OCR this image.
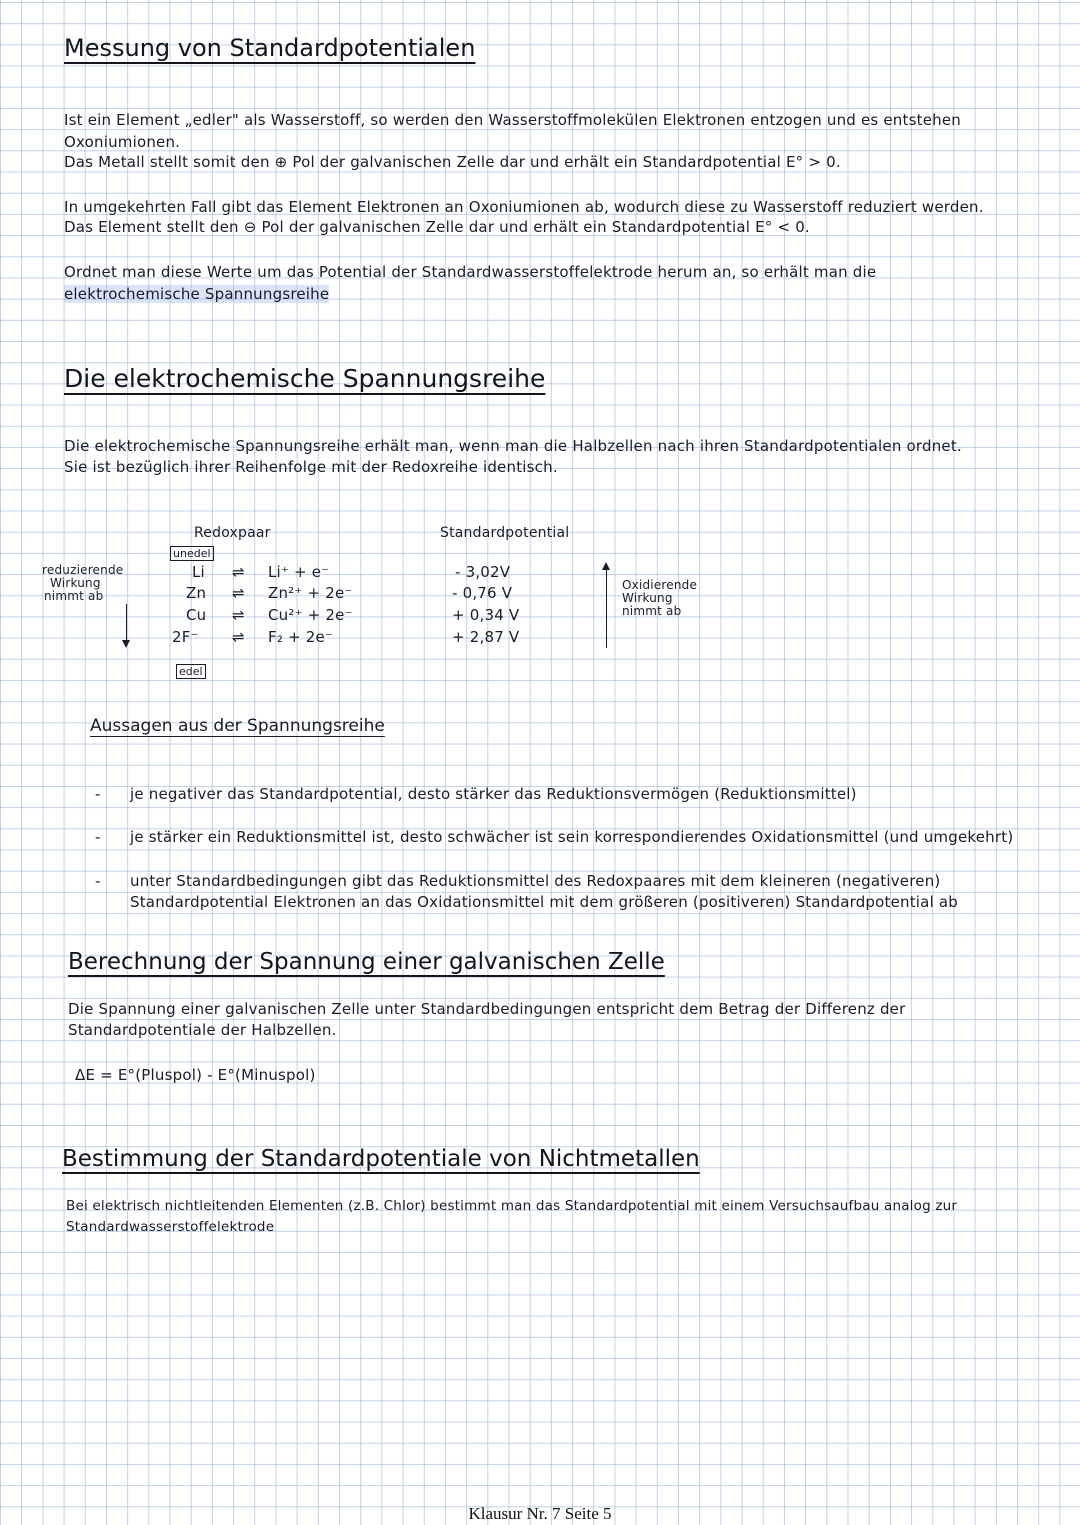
Messung von Standardpotentialen
Ist ein Element „edler" als Wasserstoff, so werden den Wasserstoffmolekülen Elektronen entzogen und es entstehen
Oxoniumionen.
Das Metall stellt somit den ⊕ Pol der galvanischen Zelle dar und erhält ein Standardpotential E° > 0.
In umgekehrten Fall gibt das Element Elektronen an Oxoniumionen ab, wodurch diese zu Wasserstoff reduziert werden.
Das Element stellt den ⊖ Pol der galvanischen Zelle dar und erhält ein Standardpotential E° < 0.
Ordnet man diese Werte um das Potential der Standardwasserstoffelektrode herum an, so erhält man die
elektrochemische Spannungsreihe
Die elektrochemische Spannungsreihe
Die elektrochemische Spannungsreihe erhält man, wenn man die Halbzellen nach ihren Standardpotentialen ordnet.
Sie ist bezüglich ihrer Reihenfolge mit der Redoxreihe identisch.
Redoxpaar	Standardpotential
unedel
edel
reduzierende
Wirkung
nimmt ab
Li ⇌ Li⁺ + e⁻	- 3,02V
Zn ⇌ Zn²⁺ + 2e⁻	- 0,76 V
Cu ⇌ Cu²⁺ + 2e⁻	+ 0,34 V
2F⁻ ⇌ F₂ + 2e⁻	+ 2,87 V
Oxidierende
Wirkung
nimmt ab
Aussagen aus der Spannungsreihe
- je negativer das Standardpotential, desto stärker das Reduktionsvermögen (Reduktionsmittel)
- je stärker ein Reduktionsmittel ist, desto schwächer ist sein korrespondierendes Oxidationsmittel (und umgekehrt)
- unter Standardbedingungen gibt das Reduktionsmittel des Redoxpaares mit dem kleineren (negativeren)
Standardpotential Elektronen an das Oxidationsmittel mit dem größeren (positiveren) Standardpotential ab
Berechnung der Spannung einer galvanischen Zelle
Die Spannung einer galvanischen Zelle unter Standardbedingungen entspricht dem Betrag der Differenz der
Standardpotentiale der Halbzellen.
ΔE = E°(Pluspol) - E°(Minuspol)
Bestimmung der Standardpotentiale von Nichtmetallen
Bei elektrisch nichtleitenden Elementen (z.B. Chlor) bestimmt man das Standardpotential mit einem Versuchsaufbau analog zur
Standardwasserstoffelektrode
Klausur Nr. 7 Seite 5
